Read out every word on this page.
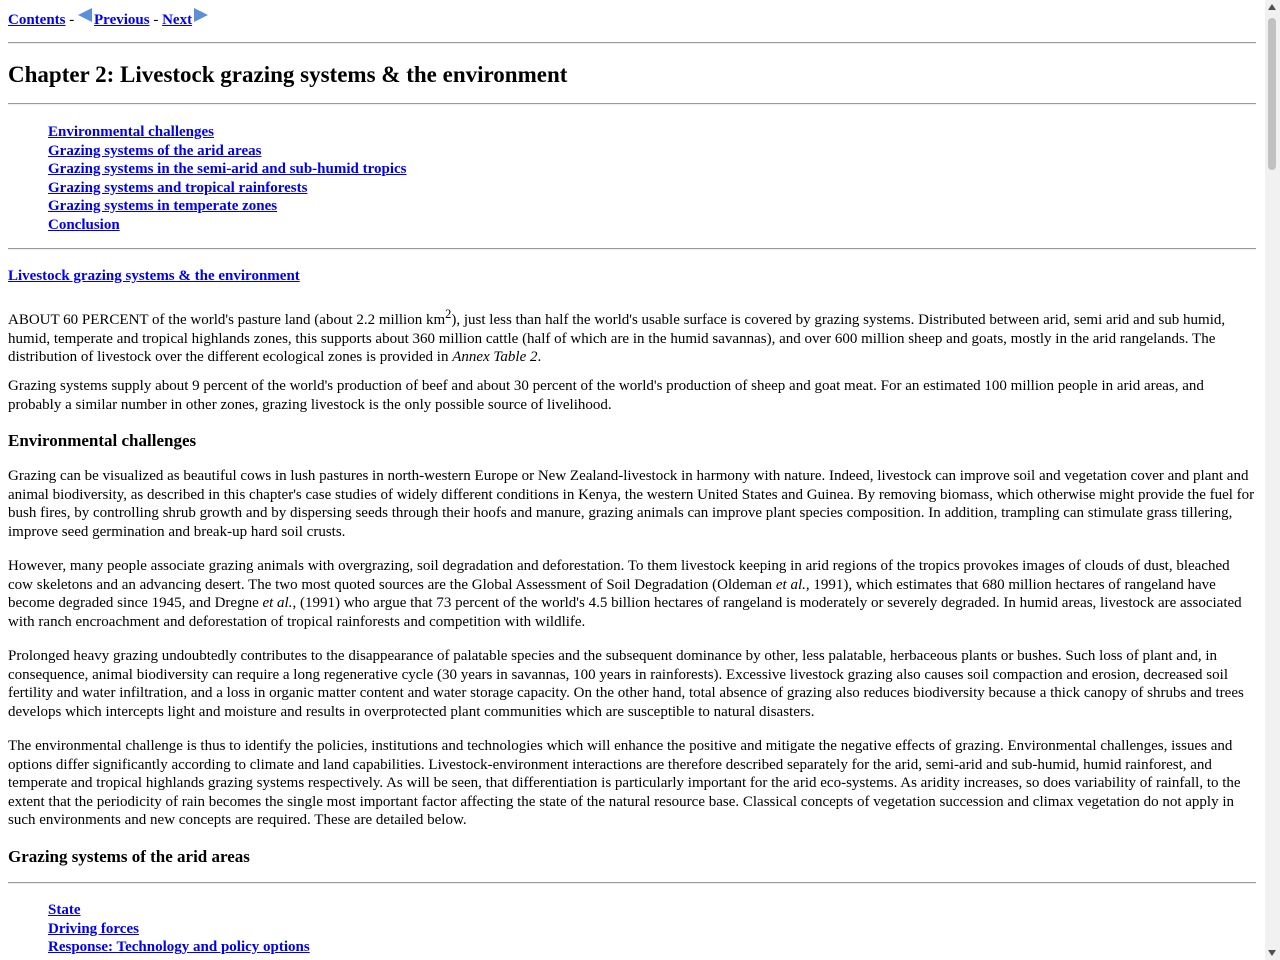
Contents - Previous - Next
Chapter 2: Livestock grazing systems & the environment
Environmental challenges
Grazing systems of the arid areas
Grazing systems in the semi-arid and sub-humid tropics
Grazing systems and tropical rainforests
Grazing systems in temperate zones
Conclusion
Livestock grazing systems & the environment

ABOUT 60 PERCENT of the world's pasture land (about 2.2 million $km^2$), just less than half the world's usable surface is covered by grazing systems. Distributed between arid, semi arid and sub humid, humid, temperate and tropical highlands zones, this supports about 360 million cattle (half of which are in the humid savannas), and over 600 million sheep and goats, mostly in the arid rangelands. The distribution of livestock over the different ecological zones is provided in Annex Table 2.

Grazing systems supply about 9 percent of the world's production of beef and about 30 percent of the world's production of sheep and goat meat. For an estimated 100 million people in arid areas, and probably a similar number in other zones, grazing livestock is the only possible source of livelihood.

Environmental challenges

Grazing can be visualized as beautiful cows in lush pastures in north-western Europe or New Zealand-livestock in harmony with nature. Indeed, livestock can improve soil and vegetation cover and plant and animal biodiversity, as described in this chapter's case studies of widely different conditions in Kenya, the western United States and Guinea. By removing biomass, which otherwise might provide the fuel for bush fires, by controlling shrub growth and by dispersing seeds through their hoofs and manure, grazing animals can improve plant species composition. In addition, trampling can stimulate grass tillering, improve seed germination and break-up hard soil crusts.

However, many people associate grazing animals with overgrazing, soil degradation and deforestation. To them livestock keeping in arid regions of the tropics provokes images of clouds of dust, bleached cow skeletons and an advancing desert. The two most quoted sources are the Global Assessment of Soil Degradation (Oldeman et al., 1991), which estimates that 680 million hectares of rangeland have become degraded since 1945, and Dregne et al., (1991) who argue that 73 percent of the world's 4.5 billion hectares of rangeland is moderately or severely degraded. In humid areas, livestock are associated with ranch encroachment and deforestation of tropical rainforests and competition with wildlife.

Prolonged heavy grazing undoubtedly contributes to the disappearance of palatable species and the subsequent dominance by other, less palatable, herbaceous plants or bushes. Such loss of plant and, in consequence, animal biodiversity can require a long regenerative cycle (30 years in savannas, 100 years in rainforests). Excessive livestock grazing also causes soil compaction and erosion, decreased soil fertility and water infiltration, and a loss in organic matter content and water storage capacity. On the other hand, total absence of grazing also reduces biodiversity because a thick canopy of shrubs and trees develops which intercepts light and moisture and results in overprotected plant communities which are susceptible to natural disasters.

The environmental challenge is thus to identify the policies, institutions and technologies which will enhance the positive and mitigate the negative effects of grazing. Environmental challenges, issues and options differ significantly according to climate and land capabilities. Livestock-environment interactions are therefore described separately for the arid, semi-arid and sub-humid, humid rainforest, and temperate and tropical highlands grazing systems respectively. As will be seen, that differentiation is particularly important for the arid eco-systems. As aridity increases, so does variability of rainfall, to the extent that the periodicity of rain becomes the single most important factor affecting the state of the natural resource base. Classical concepts of vegetation succession and climax vegetation do not apply in such environments and new concepts are required. These are detailed below.

Grazing systems of the arid areas
State
Driving forces
Response: Technology and policy options
